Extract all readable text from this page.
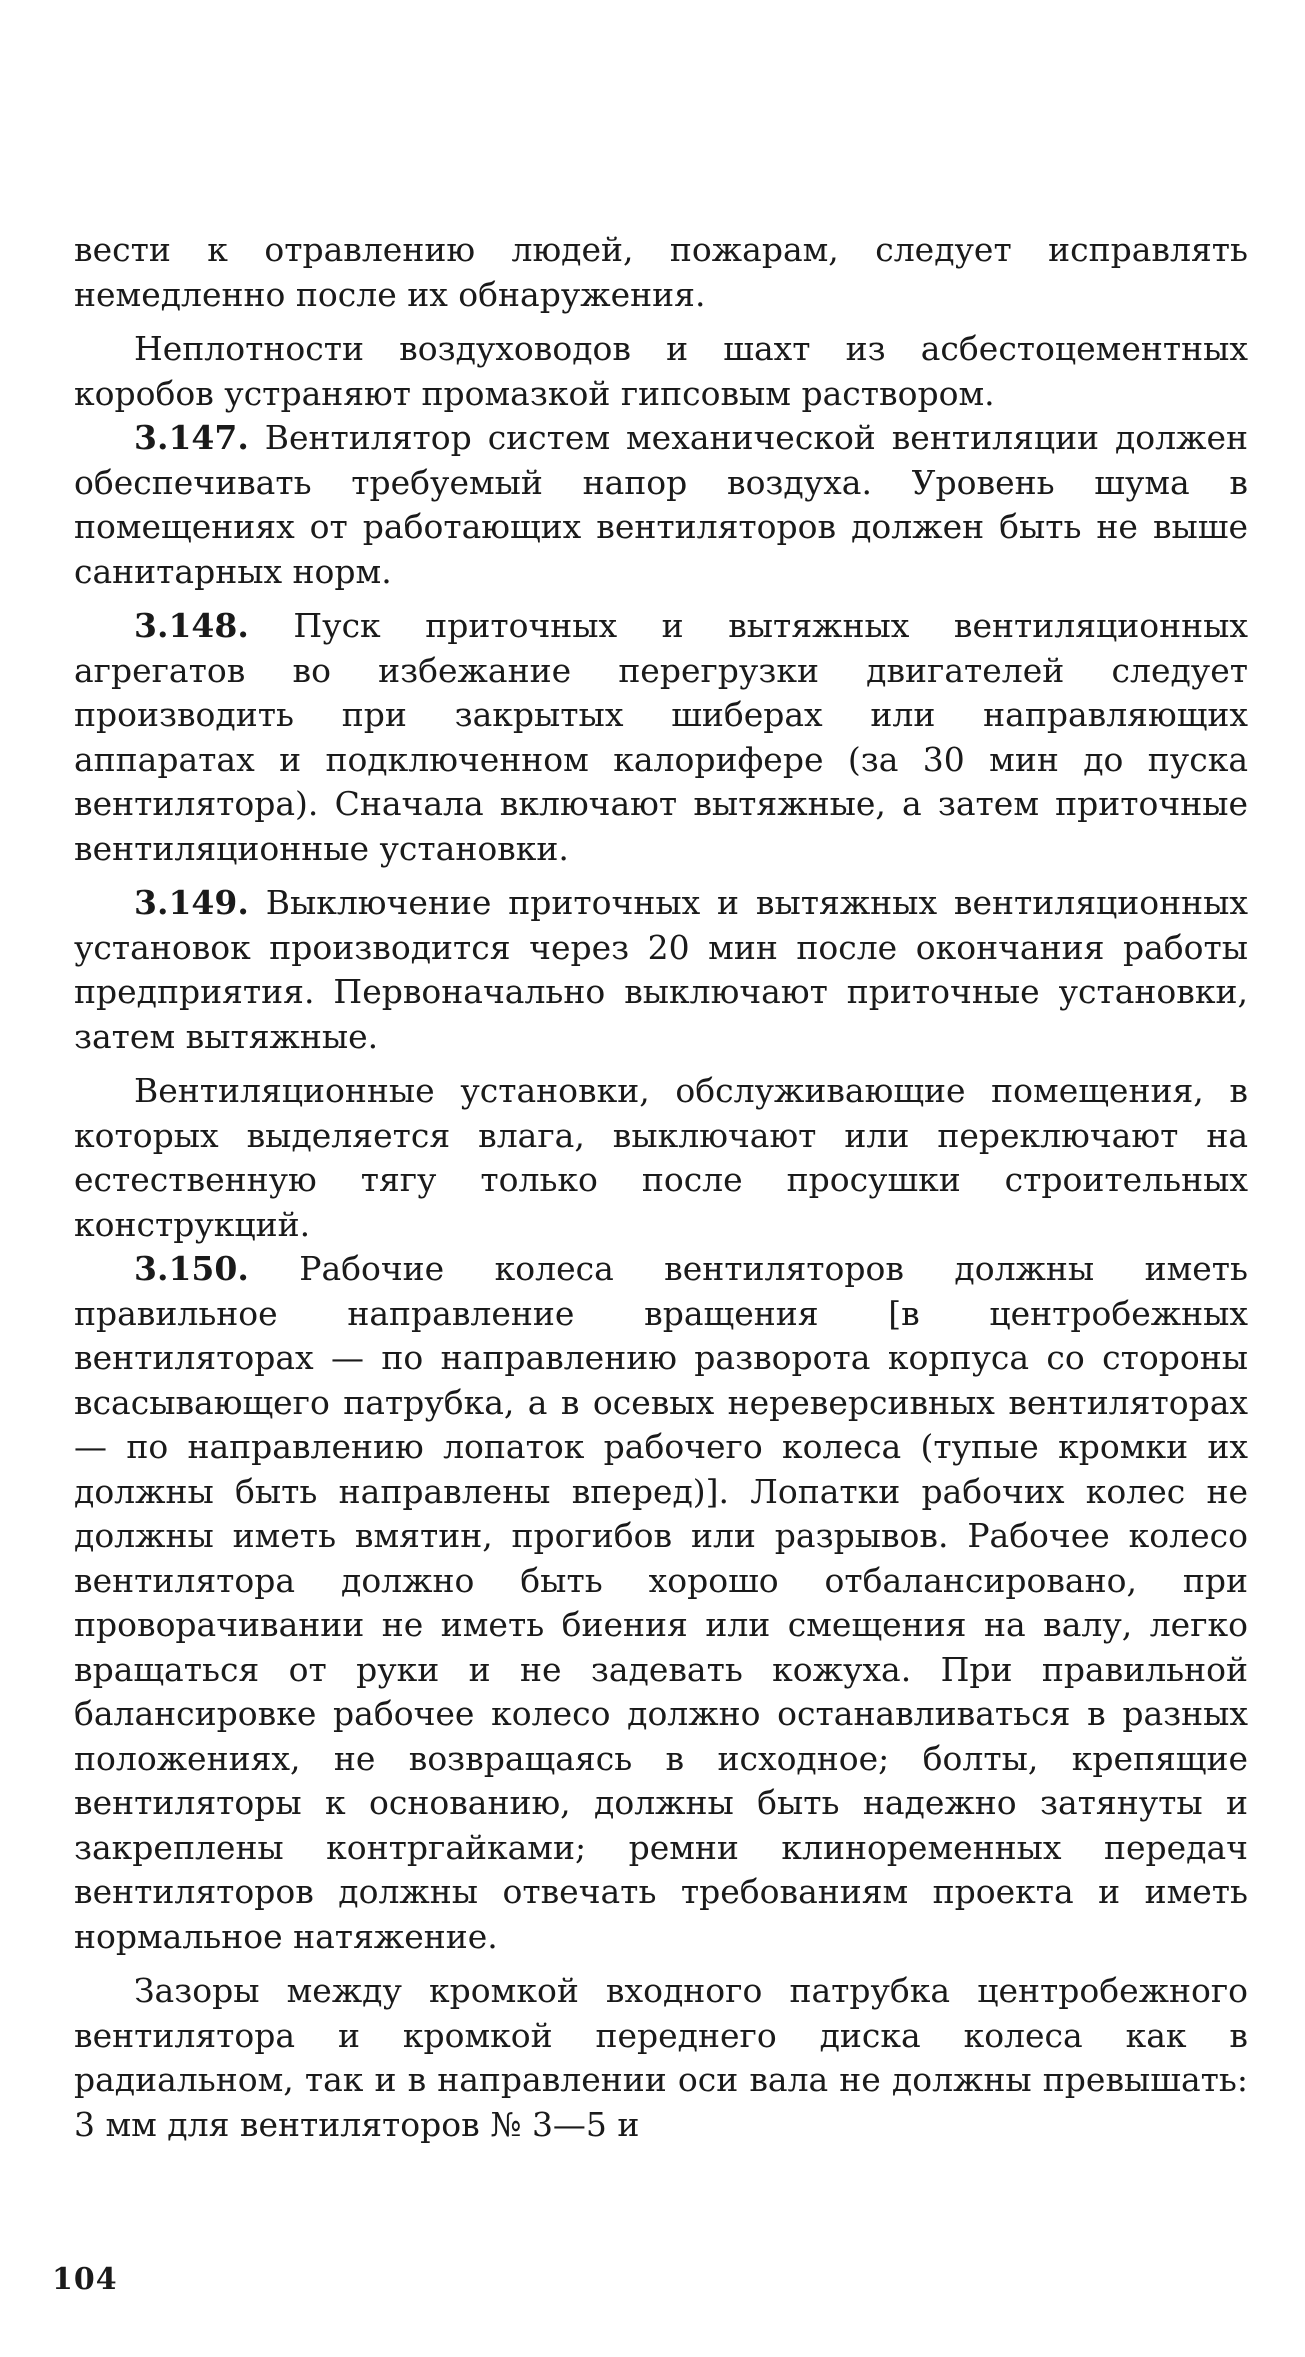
вести к отравлению людей, пожарам, следует исправлять немедленно после их обнаружения.

Неплотности воздуховодов и шахт из асбестоцементных коробов устраняют промазкой гипсовым раствором.

3.147. Вентилятор систем механической вентиляции должен обеспечивать требуемый напор воздуха. Уровень шума в помещениях от работающих вентиляторов должен быть не выше санитарных норм.

3.148. Пуск приточных и вытяжных вентиляционных агрегатов во избежание перегрузки двигателей следует производить при закрытых шиберах или направляющих аппаратах и подключенном калорифере (за 30 мин до пуска вентилятора). Сначала включают вытяжные, а затем приточные вентиляционные установки.

3.149. Выключение приточных и вытяжных вентиляционных установок производится через 20 мин после окончания работы предприятия. Первоначально выключают приточные установки, затем вытяжные.

Вентиляционные установки, обслуживающие помещения, в которых выделяется влага, выключают или переключают на естественную тягу только после просушки строительных конструкций.

3.150. Рабочие колеса вентиляторов должны иметь правильное направление вращения [в центробежных вентиляторах — по направлению разворота корпуса со стороны всасывающего патрубка, а в осевых нереверсивных вентиляторах — по направлению лопаток рабочего колеса (тупые кромки их должны быть направлены вперед)]. Лопатки рабочих колес не должны иметь вмятин, прогибов или разрывов. Рабочее колесо вентилятора должно быть хорошо отбалансировано, при проворачивании не иметь биения или смещения на валу, легко вращаться от руки и не задевать кожуха. При правильной балансировке рабочее колесо должно останавливаться в разных положениях, не возвращаясь в исходное; болты, крепящие вентиляторы к основанию, должны быть надежно затянуты и закреплены контргайками; ремни клиноременных передач вентиляторов должны отвечать требованиям проекта и иметь нормальное натяжение.

Зазоры между кромкой входного патрубка центробежного вентилятора и кромкой переднего диска колеса как в радиальном, так и в направлении оси вала не должны превышать: 3 мм для вентиляторов № 3—5 и

104
